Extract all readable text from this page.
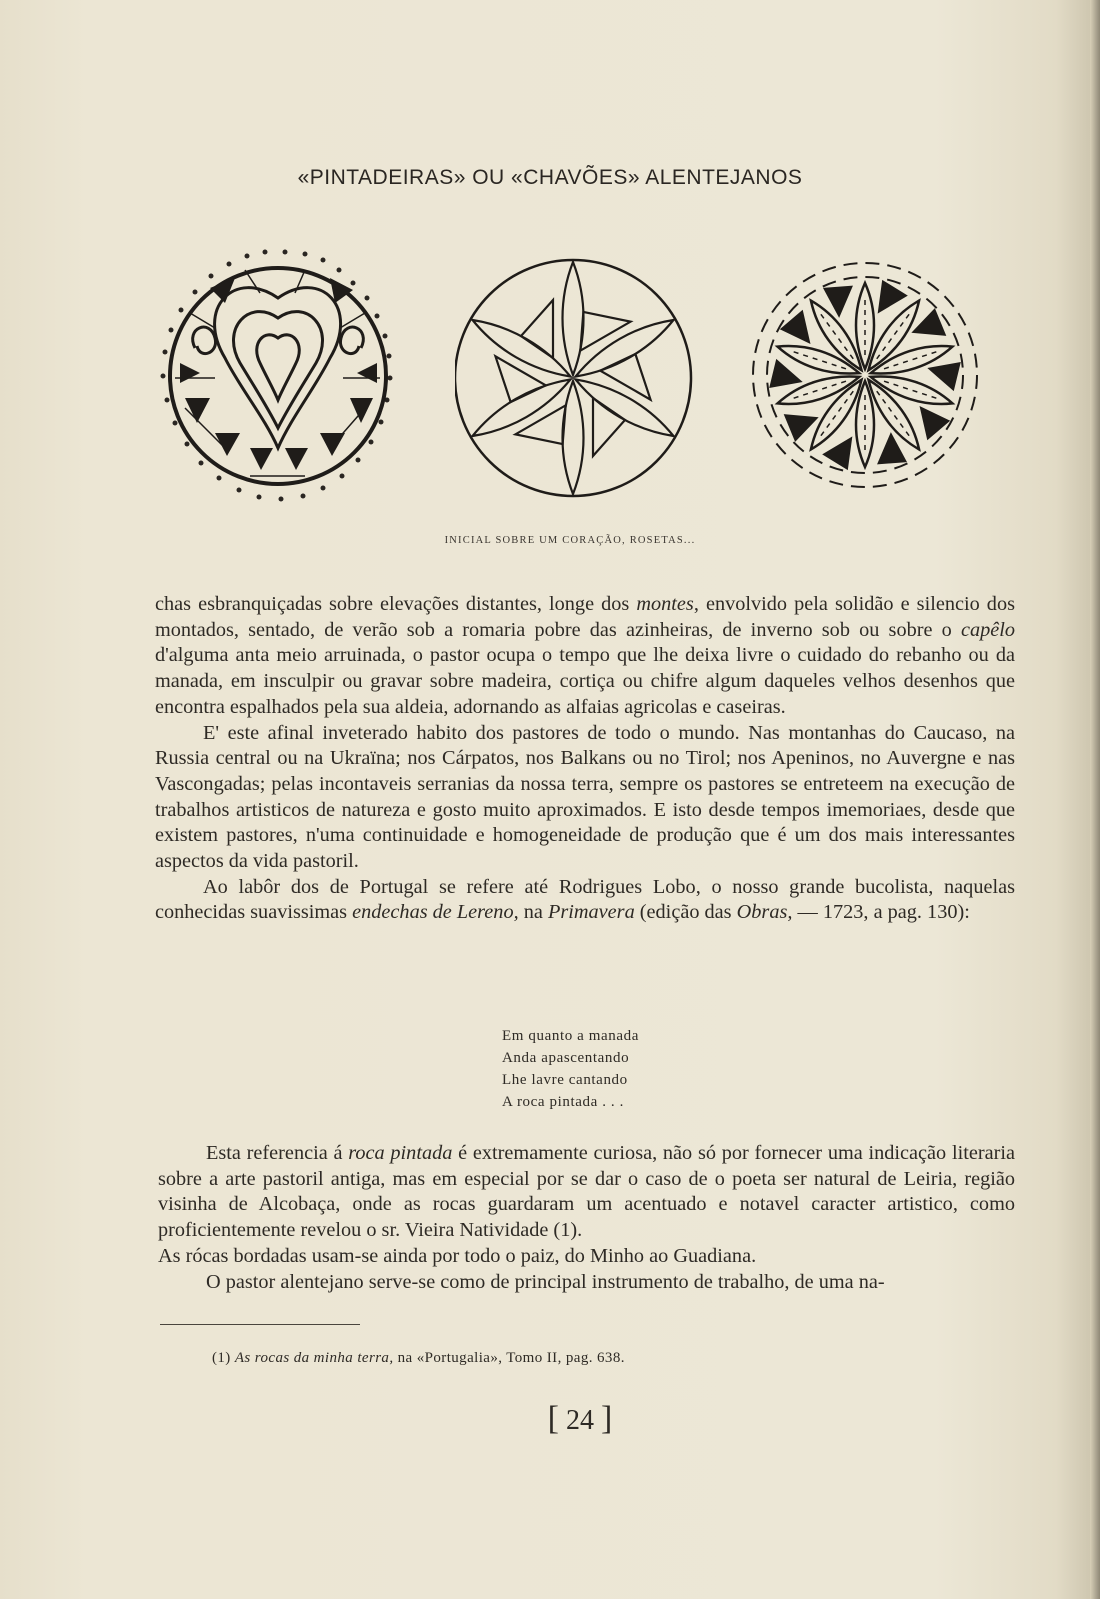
«PINTADEIRAS» OU «CHAVÕES» ALENTEJANOS
INICIAL SOBRE UM CORAÇÃO, ROSETAS...

chas esbranquiçadas sobre elevações distantes, longe dos montes, envolvido pela solidão e silencio dos montados, sentado, de verão sob a romaria pobre das azinheiras, de inverno sob ou sobre o capêlo d'alguma anta meio arruinada, o pastor ocupa o tempo que lhe deixa livre o cuidado do rebanho ou da manada, em insculpir ou gravar sobre madeira, cortiça ou chifre algum daqueles velhos desenhos que encontra espalhados pela sua aldeia, adornando as alfaias agricolas e caseiras.

E' este afinal inveterado habito dos pastores de todo o mundo. Nas montanhas do Caucaso, na Russia central ou na Ukraïna; nos Cárpatos, nos Balkans ou no Tirol; nos Apeninos, no Auvergne e nas Vascongadas; pelas incontaveis serranias da nossa terra, sempre os pastores se entreteem na execução de trabalhos artisticos de natureza e gosto muito aproximados. E isto desde tempos imemoriaes, desde que existem pastores, n'uma continuidade e homogeneidade de produção que é um dos mais interessantes aspectos da vida pastoril.

Ao labôr dos de Portugal se refere até Rodrigues Lobo, o nosso grande bucolista, naquelas conhecidas suavissimas endechas de Lereno, na Primavera (edição das Obras, — 1723, a pag. 130):

Em quanto a manada
Anda apascentando
Lhe lavre cantando
A roca pintada . . .

Esta referencia á roca pintada é extremamente curiosa, não só por fornecer uma indicação literaria sobre a arte pastoril antiga, mas em especial por se dar o caso de o poeta ser natural de Leiria, região visinha de Alcobaça, onde as rocas guardaram um acentuado e notavel caracter artistico, como proficientemente revelou o sr. Vieira Natividade (1).

As rócas bordadas usam-se ainda por todo o paiz, do Minho ao Guadiana.

O pastor alentejano serve-se como de principal instrumento de trabalho, de uma na-

(1) As rocas da minha terra, na «Portugalia», Tomo II, pag. 638.
[ 24 ]
